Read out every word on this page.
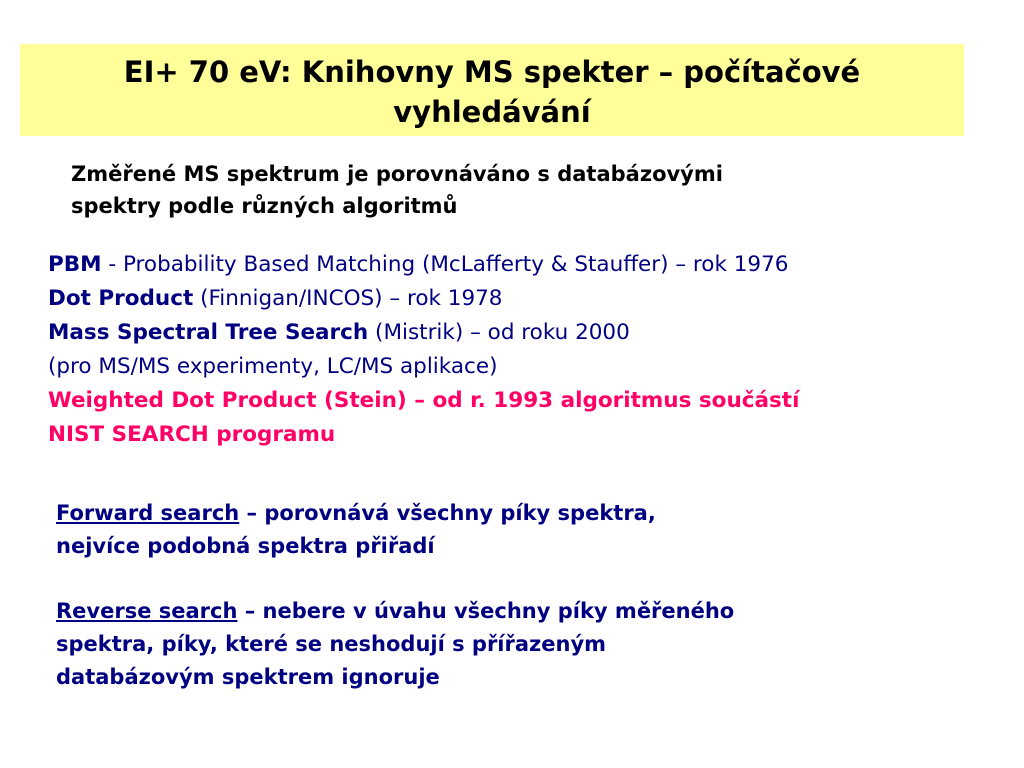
EI+ 70 eV: Knihovny MS spekter – počítačové
vyhledávání
Změřené MS spektrum je porovnáváno s databázovými
spektry podle různých algoritmů
PBM - Probability Based Matching (McLafferty & Stauffer) – rok 1976
Dot Product (Finnigan/INCOS) – rok 1978
Mass Spectral Tree Search (Mistrik) – od roku 2000
(pro MS/MS experimenty, LC/MS aplikace)
Weighted Dot Product (Stein) – od r. 1993 algoritmus součástí
NIST SEARCH programu
Forward search – porovnává všechny píky spektra,
nejvíce podobná spektra přiřadí
Reverse search – nebere v úvahu všechny píky měřeného
spektra, píky, které se neshodují s přířazeným
databázovým spektrem ignoruje
